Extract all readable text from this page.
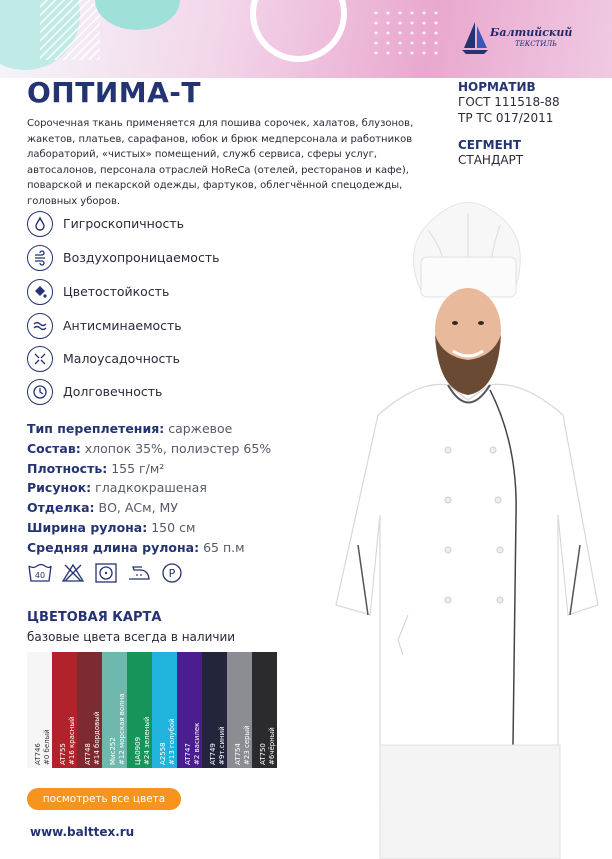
Балтийский
ТЕКСТИЛЬ
ОПТИМА-Т
Сорочечная ткань применяется для пошива сорочек, халатов, блузонов, жакетов, платьев, сарафанов, юбок и брюк медперсонала и работников лабораторий, «чистых» помещений, служб сервиса, сферы услуг, автосалонов, персонала отраслей HoReCa (отелей, ресторанов и кафе), поварской и пекарской одежды, фартуков, облегчённой спецодежды, головных уборов.
НОРМАТИВ
ГОСТ 111518-88
ТР ТС 017/2011
СЕГМЕНТ
СТАНДАРТ
Гигроскопичность
Воздухопроницаемость
Цветостойкость
Антисминаемость
Малоусадочность
Долговечность
Тип переплетения: саржевое
Состав: хлопок 35%, полиэстер 65%
Плотность: 155 г/м²
Рисунок: гладкокрашеная
Отделка: ВО, АСм, МУ
Ширина рулона: 150 см
Средняя длина рулона: 65 п.м
40	P
ЦВЕТОВАЯ КАРТА
базовые цвета всегда в наличии
AT746 #0 белый AT755 #16 красный AT748 #14 бордовый Мис252 #12 морская волна ЦА0909 #24 зеленый A2558 #13 голубой AT747 #2 василек AT749 #9т.синий AT754 #23 серый AT750 #6чёрный
посмотреть все цвета
www.balttex.ru
